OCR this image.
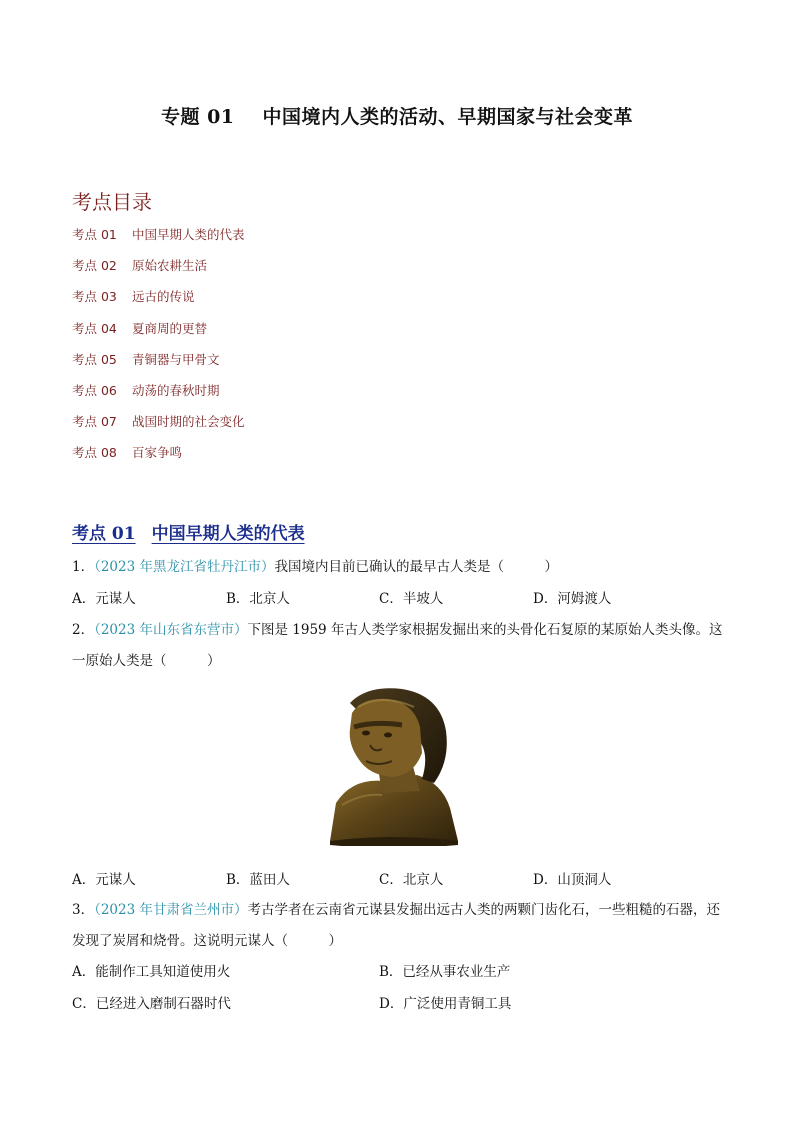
专题 01 中国境内人类的活动、早期国家与社会变革
考点目录
考点 01 中国早期人类的代表
考点 02 原始农耕生活
考点 03 远古的传说
考点 04 夏商周的更替
考点 05 青铜器与甲骨文
考点 06 动荡的春秋时期
考点 07 战国时期的社会变化
考点 08 百家争鸣
考点 01 中国早期人类的代表
1．（2023 年黑龙江省牡丹江市）我国境内目前已确认的最早古人类是（　　　）
A．元谋人	B．北京人	C．半坡人	D．河姆渡人
2．（2023 年山东省东营市）下图是 1959 年古人类学家根据发掘出来的头骨化石复原的某原始人类头像。这一原始人类是（　　　）
A．元谋人	B．蓝田人	C．北京人	D．山顶洞人
3．（2023 年甘肃省兰州市）考古学者在云南省元谋县发掘出远古人类的两颗门齿化石，一些粗糙的石器，还发现了炭屑和烧骨。这说明元谋人（　　　）
A．能制作工具知道使用火	B．已经从事农业生产
C．已经进入磨制石器时代	D．广泛使用青铜工具
